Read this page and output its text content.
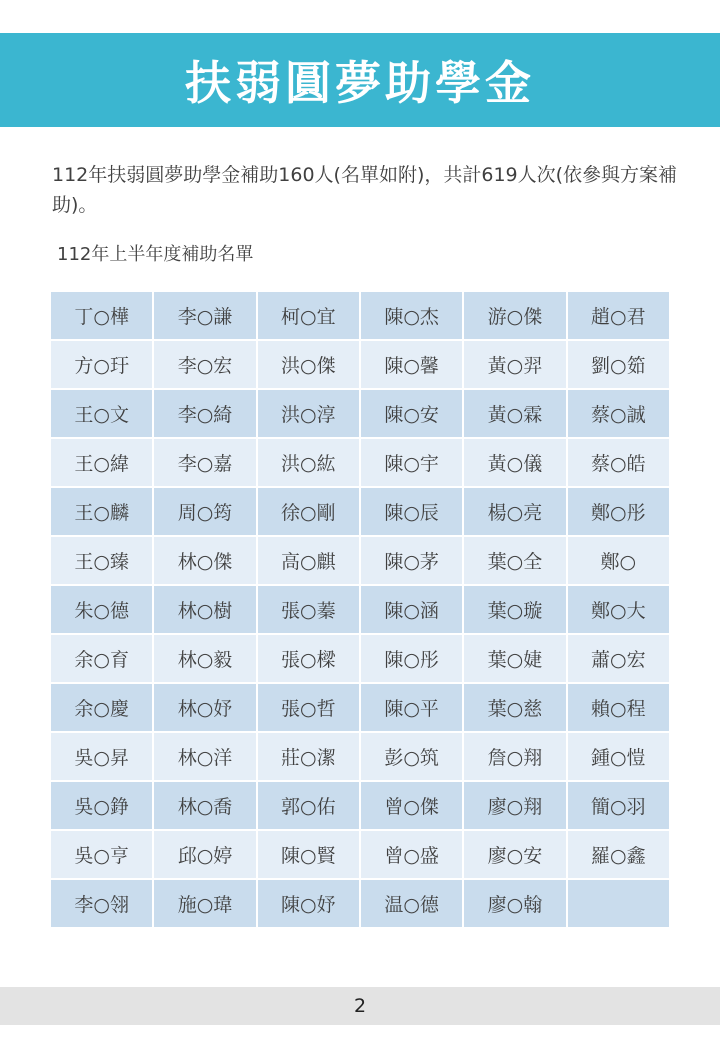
扶弱圓夢助學金
112年扶弱圓夢助學金補助160人(名單如附)，共計619人次(依參與方案補助)。
112年上半年度補助名單
丁○樺	李○謙	柯○宜	陳○杰	游○傑	趙○君
方○玗	李○宏	洪○傑	陳○馨	黃○羿	劉○筎
王○文	李○綺	洪○淳	陳○安	黃○霖	蔡○誠
王○緯	李○嘉	洪○紘	陳○宇	黃○儀	蔡○皓
王○麟	周○筠	徐○剛	陳○辰	楊○亮	鄭○彤
王○臻	林○傑	高○麒	陳○茅	葉○全	鄭○
朱○德	林○樹	張○蓁	陳○涵	葉○璇	鄭○大
余○育	林○毅	張○樑	陳○彤	葉○婕	蕭○宏
余○慶	林○妤	張○哲	陳○平	葉○慈	賴○程
吳○昇	林○洋	莊○潔	彭○筑	詹○翔	鍾○愷
吳○錚	林○喬	郭○佑	曾○傑	廖○翔	簡○羽
吳○亨	邱○婷	陳○賢	曾○盛	廖○安	羅○鑫
李○翎	施○瑋	陳○妤	温○德	廖○翰	
2
